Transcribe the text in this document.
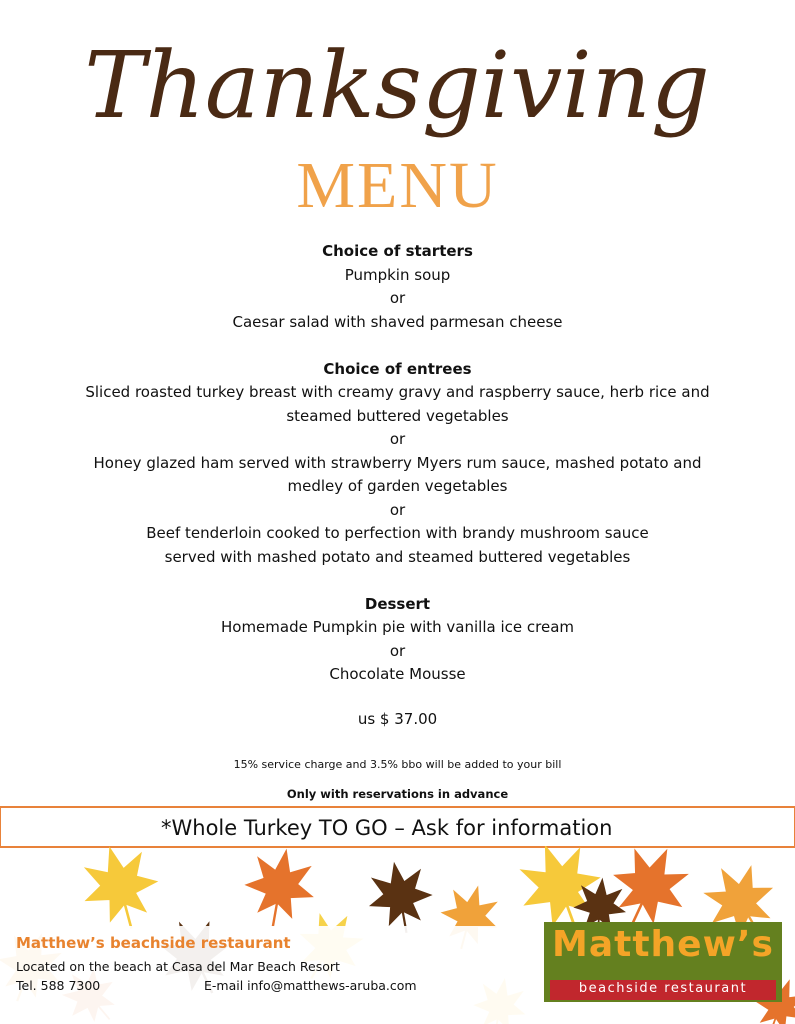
Thanksgiving
MENU
Choice of starters
Pumpkin soup
or
Caesar salad with shaved parmesan cheese
Choice of entrees
Sliced roasted turkey breast with creamy gravy and raspberry sauce, herb rice and
steamed buttered vegetables
or
Honey glazed ham served with strawberry Myers rum sauce, mashed potato and
medley of garden vegetables
or
Beef tenderloin cooked to perfection with brandy mushroom sauce
served with mashed potato and steamed buttered vegetables
Dessert
Homemade Pumpkin pie with vanilla ice cream
or
Chocolate Mousse
us $ 37.00
15% service charge and 3.5% bbo will be added to your bill
Only with reservations in advance
*Whole Turkey TO GO – Ask for information
Matthew’s beachside restaurant
Located on the beach at Casa del Mar Beach Resort
Tel. 588 7300	E-mail info@matthews-aruba.com
Matthew’s
beachside restaurant
